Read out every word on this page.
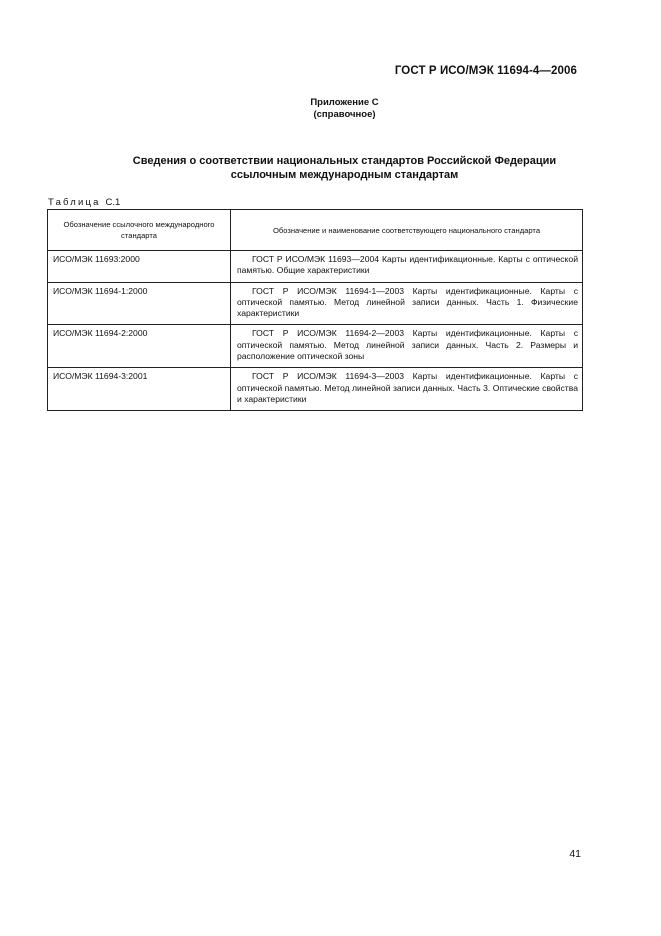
ГОСТ Р ИСО/МЭК 11694-4—2006
Приложение С
(справочное)
Сведения о соответствии национальных стандартов Российской Федерации
ссылочным международным стандартам
Таблица С.1
Обозначение ссылочного международного стандарта	Обозначение и наименование соответствующего национального стандарта
ИСО/МЭК 11693:2000	ГОСТ Р ИСО/МЭК 11693—2004 Карты идентификационные. Карты с оптической памятью. Общие характеристики
ИСО/МЭК 11694-1:2000	ГОСТ Р ИСО/МЭК 11694-1—2003 Карты идентификационные. Карты с оптической памятью. Метод линейной записи данных. Часть 1. Физические характеристики
ИСО/МЭК 11694-2:2000	ГОСТ Р ИСО/МЭК 11694-2—2003 Карты идентификационные. Карты с оптической памятью. Метод линейной записи данных. Часть 2. Размеры и расположение оптической зоны
ИСО/МЭК 11694-3:2001	ГОСТ Р ИСО/МЭК 11694-3—2003 Карты идентификационные. Карты с оптической памятью. Метод линейной записи данных. Часть 3. Оптические свойства и характеристики
41
